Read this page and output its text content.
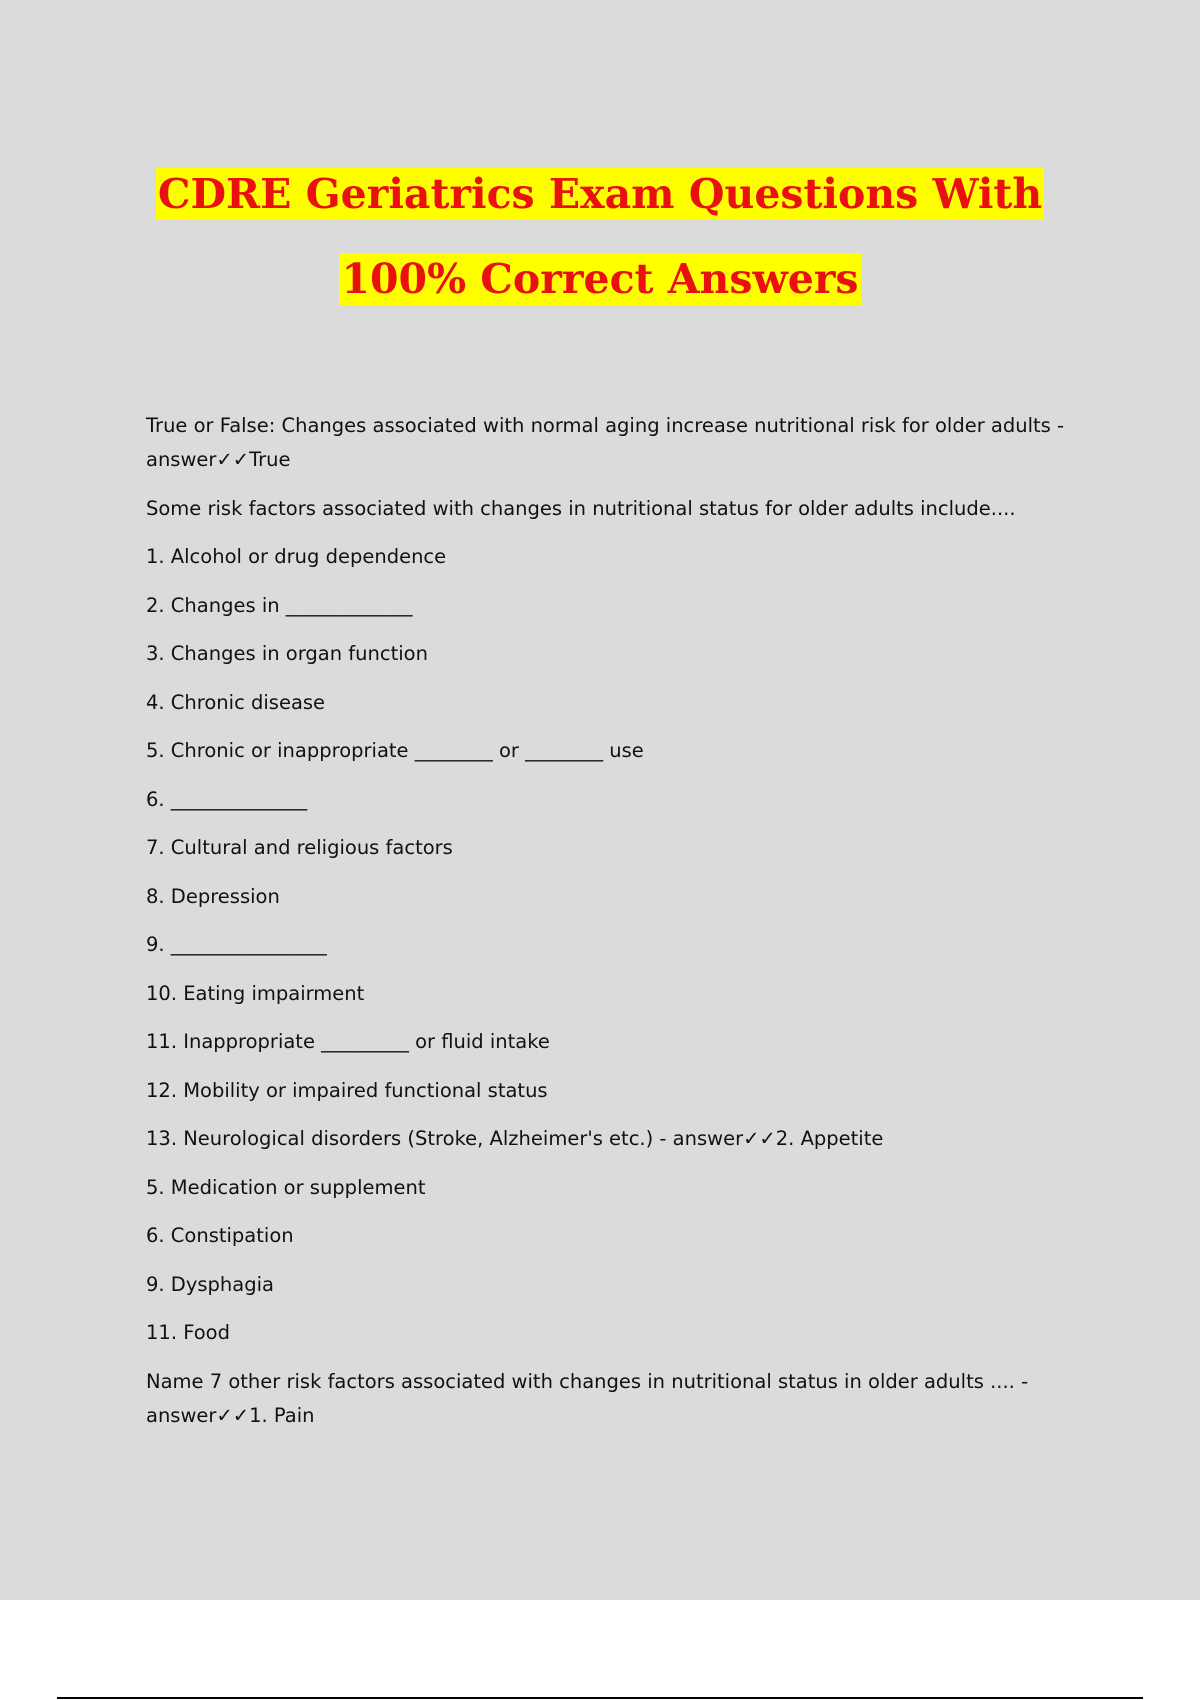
CDRE Geriatrics Exam Questions With
100% Correct Answers

True or False: Changes associated with normal aging increase nutritional risk for older adults -
answer✓✓True

Some risk factors associated with changes in nutritional status for older adults include....

1. Alcohol or drug dependence

2. Changes in _____________

3. Changes in organ function

4. Chronic disease

5. Chronic or inappropriate ________ or ________ use

6. ______________

7. Cultural and religious factors

8. Depression

9. ________________

10. Eating impairment

11. Inappropriate _________ or fluid intake

12. Mobility or impaired functional status

13. Neurological disorders (Stroke, Alzheimer's etc.) - answer✓✓2. Appetite

5. Medication or supplement

6. Constipation

9. Dysphagia

11. Food

Name 7 other risk factors associated with changes in nutritional status in older adults .... -
answer✓✓1. Pain
